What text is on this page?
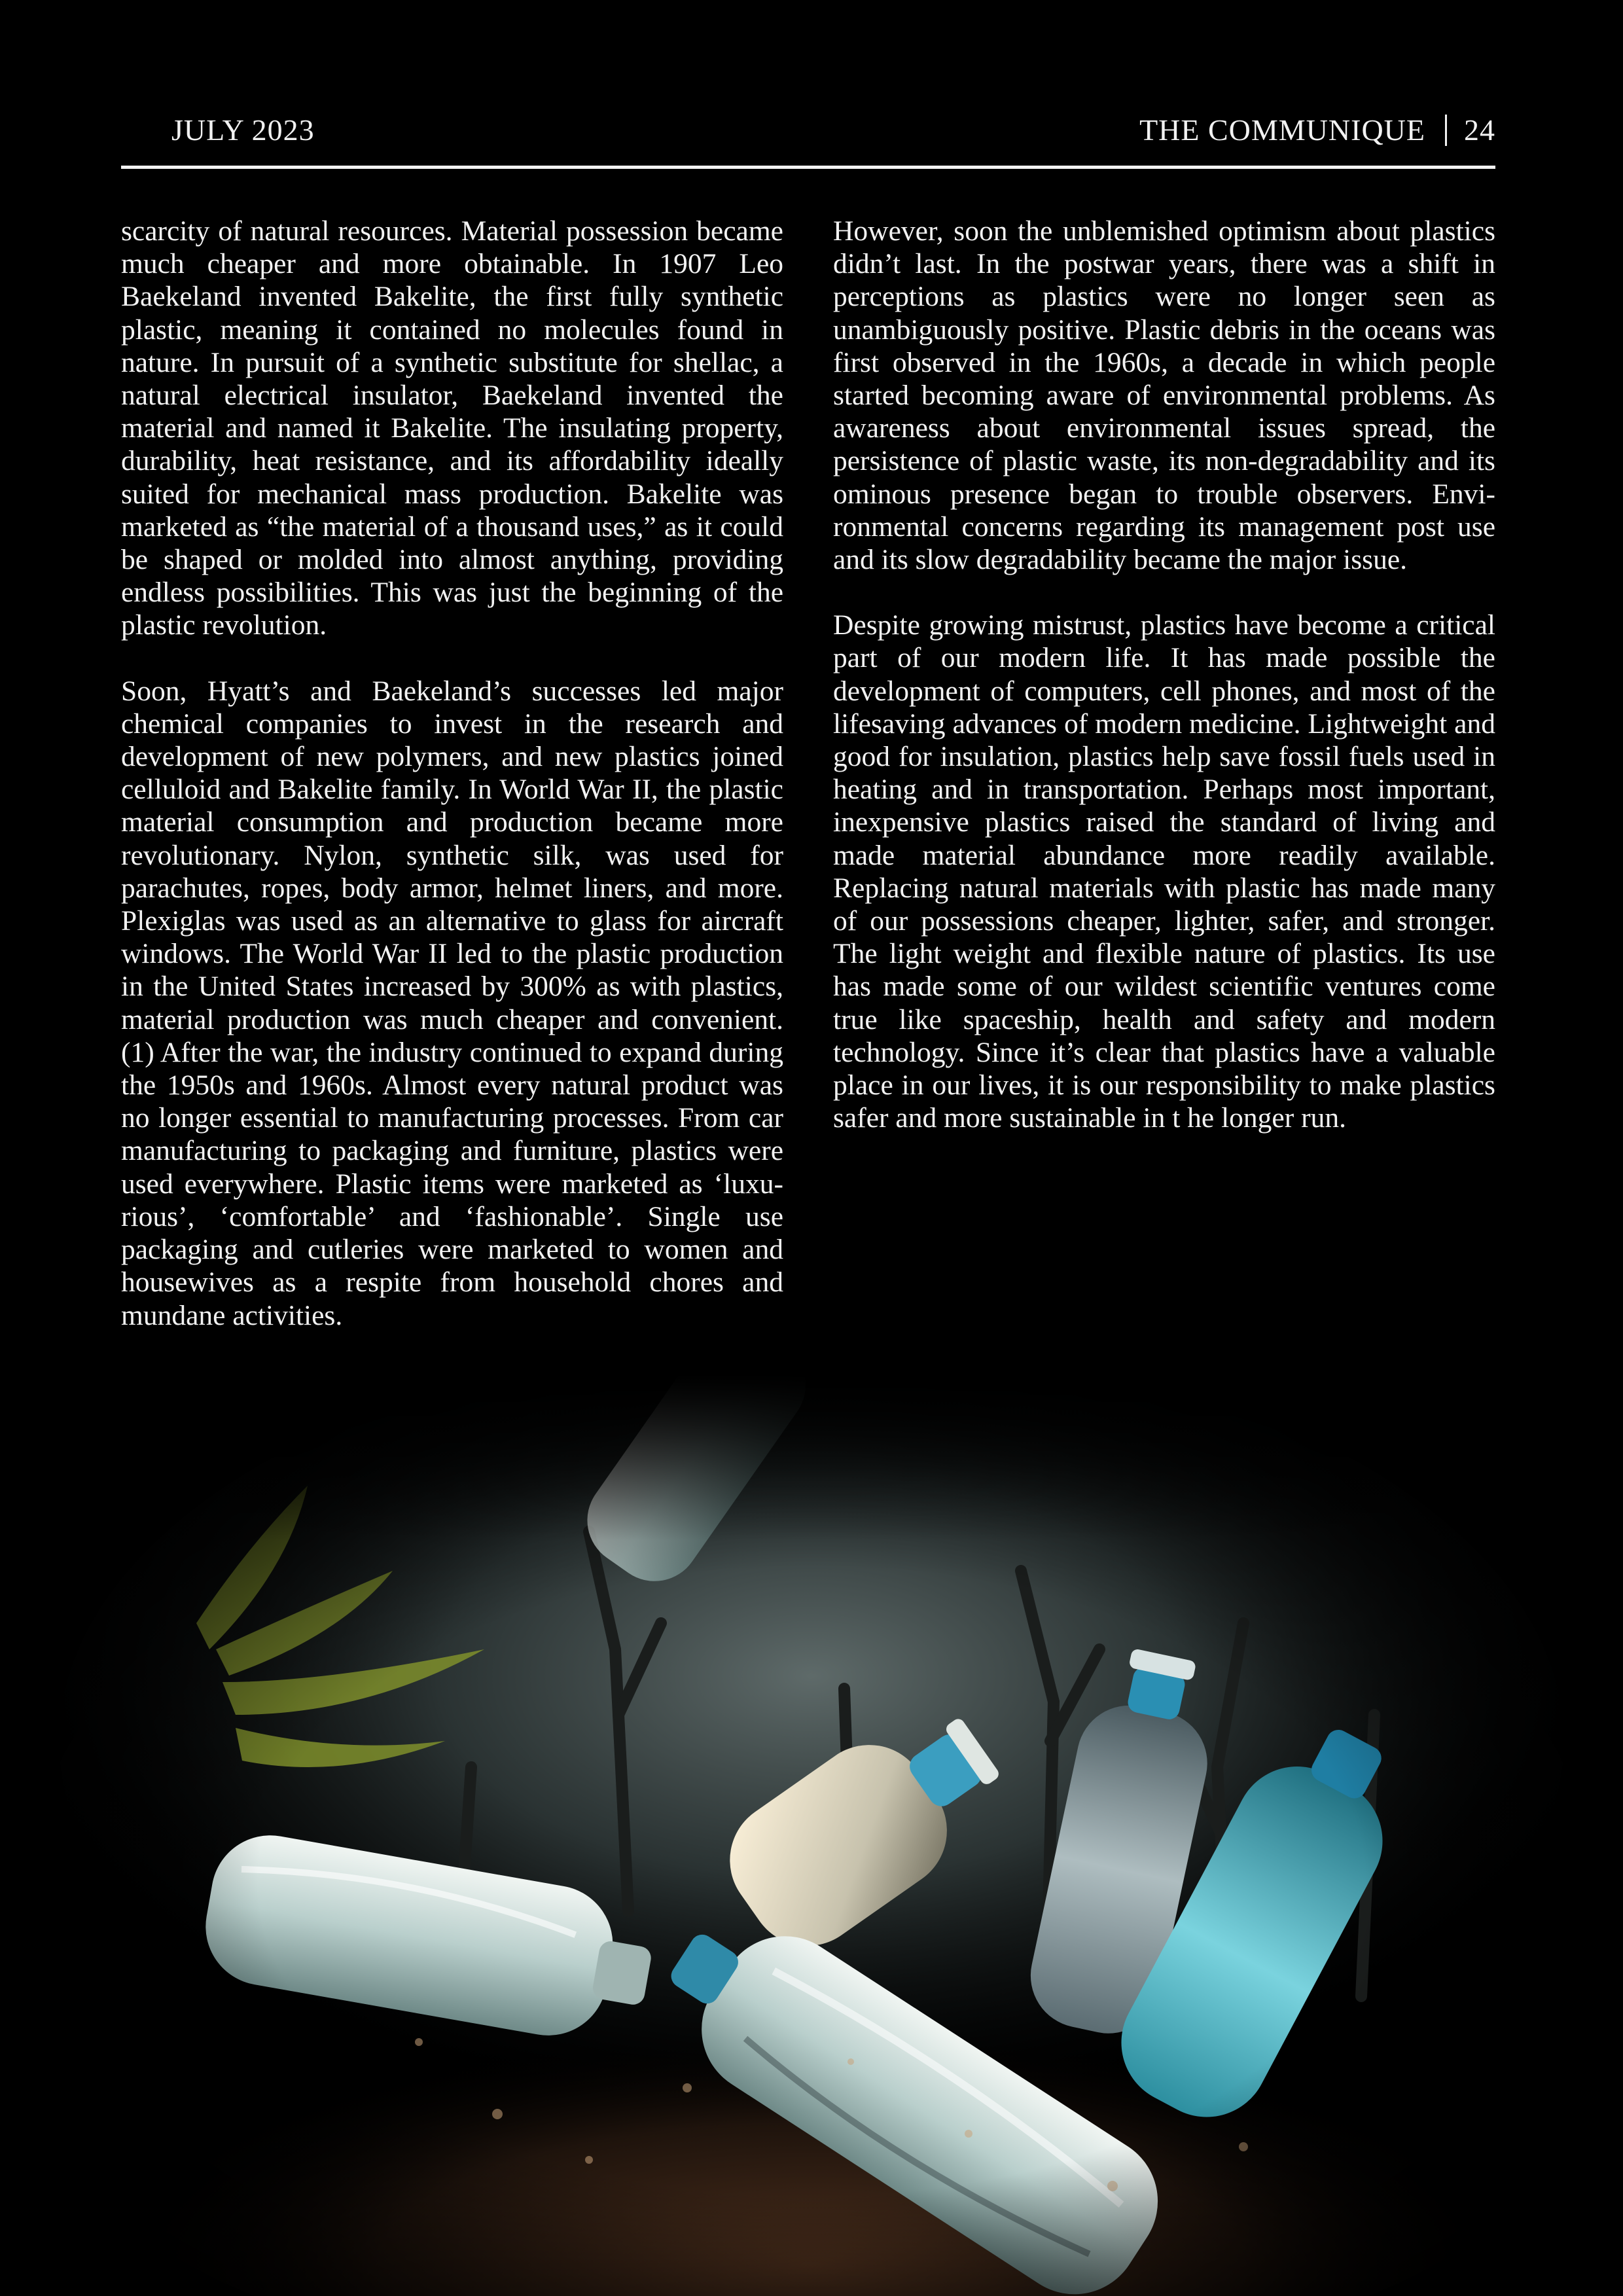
JULY 2023	THE COMMUNIQUE 24

scarcity of natural resources. Material possession became much cheaper and more obtainable. In 1907 Leo Baekeland invented Bakelite, the first fully synthetic plastic, meaning it contained no molecules found in nature. In pursuit of a synthetic substitute for shellac, a natural electrical insulator, Baekeland invented the material and named it Bakelite. The insulating property, durability, heat resistance, and its affordability ideally suited for mechanical mass production. Bakelite was marketed as “the material of a thousand uses,” as it could be shaped or molded into almost anything, providing endless possibilities. This was just the beginning of the plastic revolution.

Soon, Hyatt’s and Baekeland’s successes led major chemical companies to invest in the research and development of new polymers, and new plastics joined celluloid and Bakelite family. In World War II, the plastic material consumption and production became more revolutionary. Nylon, synthetic silk, was used for parachutes, ropes, body armor, helmet liners, and more. Plexiglas was used as an alternative to glass for aircraft windows. The World War II led to the plastic production in the United States increased by 300% as with plastics, material production was much cheaper and convenient. (1) After the war, the industry continued to expand during the 1950s and 1960s. Almost every natural product was no longer essential to manufacturing processes. From car manufacturing to packaging and furniture, plastics were used everywhere. Plastic items were marketed as ‘luxurious’, ‘comfortable’ and ‘fashionable’. Single use packaging and cutleries were marketed to women and housewives as a respite from household chores and mundane activities.

However, soon the unblemished optimism about plastics didn’t last. In the postwar years, there was a shift in perceptions as plastics were no longer seen as unambiguously positive. Plastic debris in the oceans was first observed in the 1960s, a decade in which people started becoming aware of environmental problems. As awareness about environmental issues spread, the persistence of plastic waste, its non-degradability and its ominous presence began to trouble observers. Environmental concerns regarding its management post use and its slow degradability became the major issue.

Despite growing mistrust, plastics have become a critical part of our modern life. It has made possible the development of computers, cell phones, and most of the lifesaving advances of modern medicine. Lightweight and good for insulation, plastics help save fossil fuels used in heating and in transportation. Perhaps most important, inexpensive plastics raised the standard of living and made material abundance more readily available. Replacing natural materials with plastic has made many of our possessions cheaper, lighter, safer, and stronger. The light weight and flexible nature of plastics. Its use has made some of our wildest scientific ventures come true like spaceship, health and safety and modern technology. Since it’s clear that plastics have a valuable place in our lives, it is our responsibility to make plastics safer and more sustainable in t he longer run.
